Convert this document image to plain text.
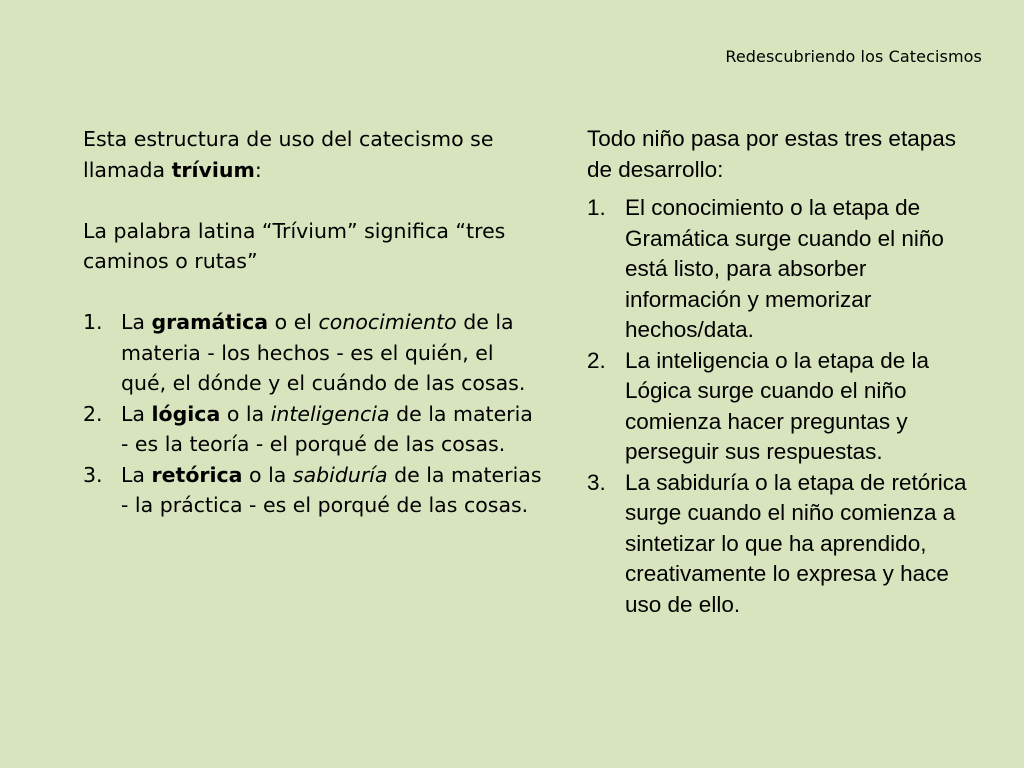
Redescubriendo los Catecismos

Esta estructura de uso del catecismo se llamada trívium:

La palabra latina “Trívium” significa “tres caminos o rutas”

1. La gramática o el conocimiento de la materia - los hechos - es el quién, el qué, el dónde y el cuándo de las cosas.
2. La lógica o la inteligencia de la materia - es la teoría - el porqué de las cosas.
3. La retórica o la sabiduría de la materias - la práctica - es el porqué de las cosas.

Todo niño pasa por estas tres etapas de desarrollo:

1. El conocimiento o la etapa de Gramática surge cuando el niño está listo, para absorber información y memorizar hechos/data.
2. La inteligencia o la etapa de la Lógica surge cuando el niño comienza hacer preguntas y perseguir sus respuestas.
3. La sabiduría o la etapa de retórica surge cuando el niño comienza a sintetizar lo que ha aprendido, creativamente lo expresa y hace uso de ello.
